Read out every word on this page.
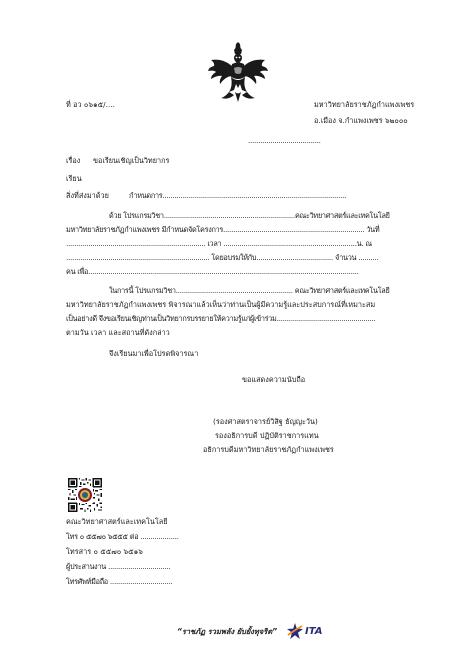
ที่ อว ๐๖๑๕/....	มหาวิทยาลัยราชภัฏกำแพงเพชร
อ.เมือง จ.กำแพงเพชร ๖๒๐๐๐
....................................
เรื่อง ขอเรียนเชิญเป็นวิทยากร
เรียน
สิ่งที่ส่งมาด้วย	กำหนดการ...........................................................................................
ด้วย โปรแกรมวิชา.................................................................คณะวิทยาศาสตร์และเทคโนโลยี
มหาวิทยาลัยราชภัฏกำแพงเพชร มีกำหนดจัดโครงการ...................................................................... วันที่
..................................................................... เวลา ..................................................................น. ณ
....................................................................... โดยอบรมให้กับ...................................... จำนวน ..........
คน เพื่อ......................................................................................................................................
ในการนี้ โปรแกรมวิชา.......................................................... คณะวิทยาศาสตร์และเทคโนโลยี
มหาวิทยาลัยราชภัฏกำแพงเพชร พิจารณาแล้วเห็นว่าท่านเป็นผู้มีความรู้และประสบการณ์ที่เหมาะสม
เป็นอย่างดี จึงขอเรียนเชิญท่านเป็นวิทยากรบรรยายให้ความรู้แก่ผู้เข้าร่วม.................................................
ตามวัน เวลา และสถานที่ดังกล่าว
จึงเรียนมาเพื่อโปรดพิจารณา
ขอแสดงความนับถือ
(รองศาสตราจารย์วิสิฐ ธัญญะวัน)
รองอธิการบดี ปฏิบัติราชการแทน
อธิการบดีมหาวิทยาลัยราชภัฏกำแพงเพชร
คณะวิทยาศาสตร์และเทคโนโลยี
โทร ๐ ๕๕๗๐ ๖๕๕๕ ต่อ ...................
โทรสาร ๐ ๕๕๗๐ ๖๕๑๖
ผู้ประสานงาน ...............................
โทรศัพท์มือถือ ...............................
“ราชภัฏ รวมพลัง ยับยั้งทุจริต”	ITA
